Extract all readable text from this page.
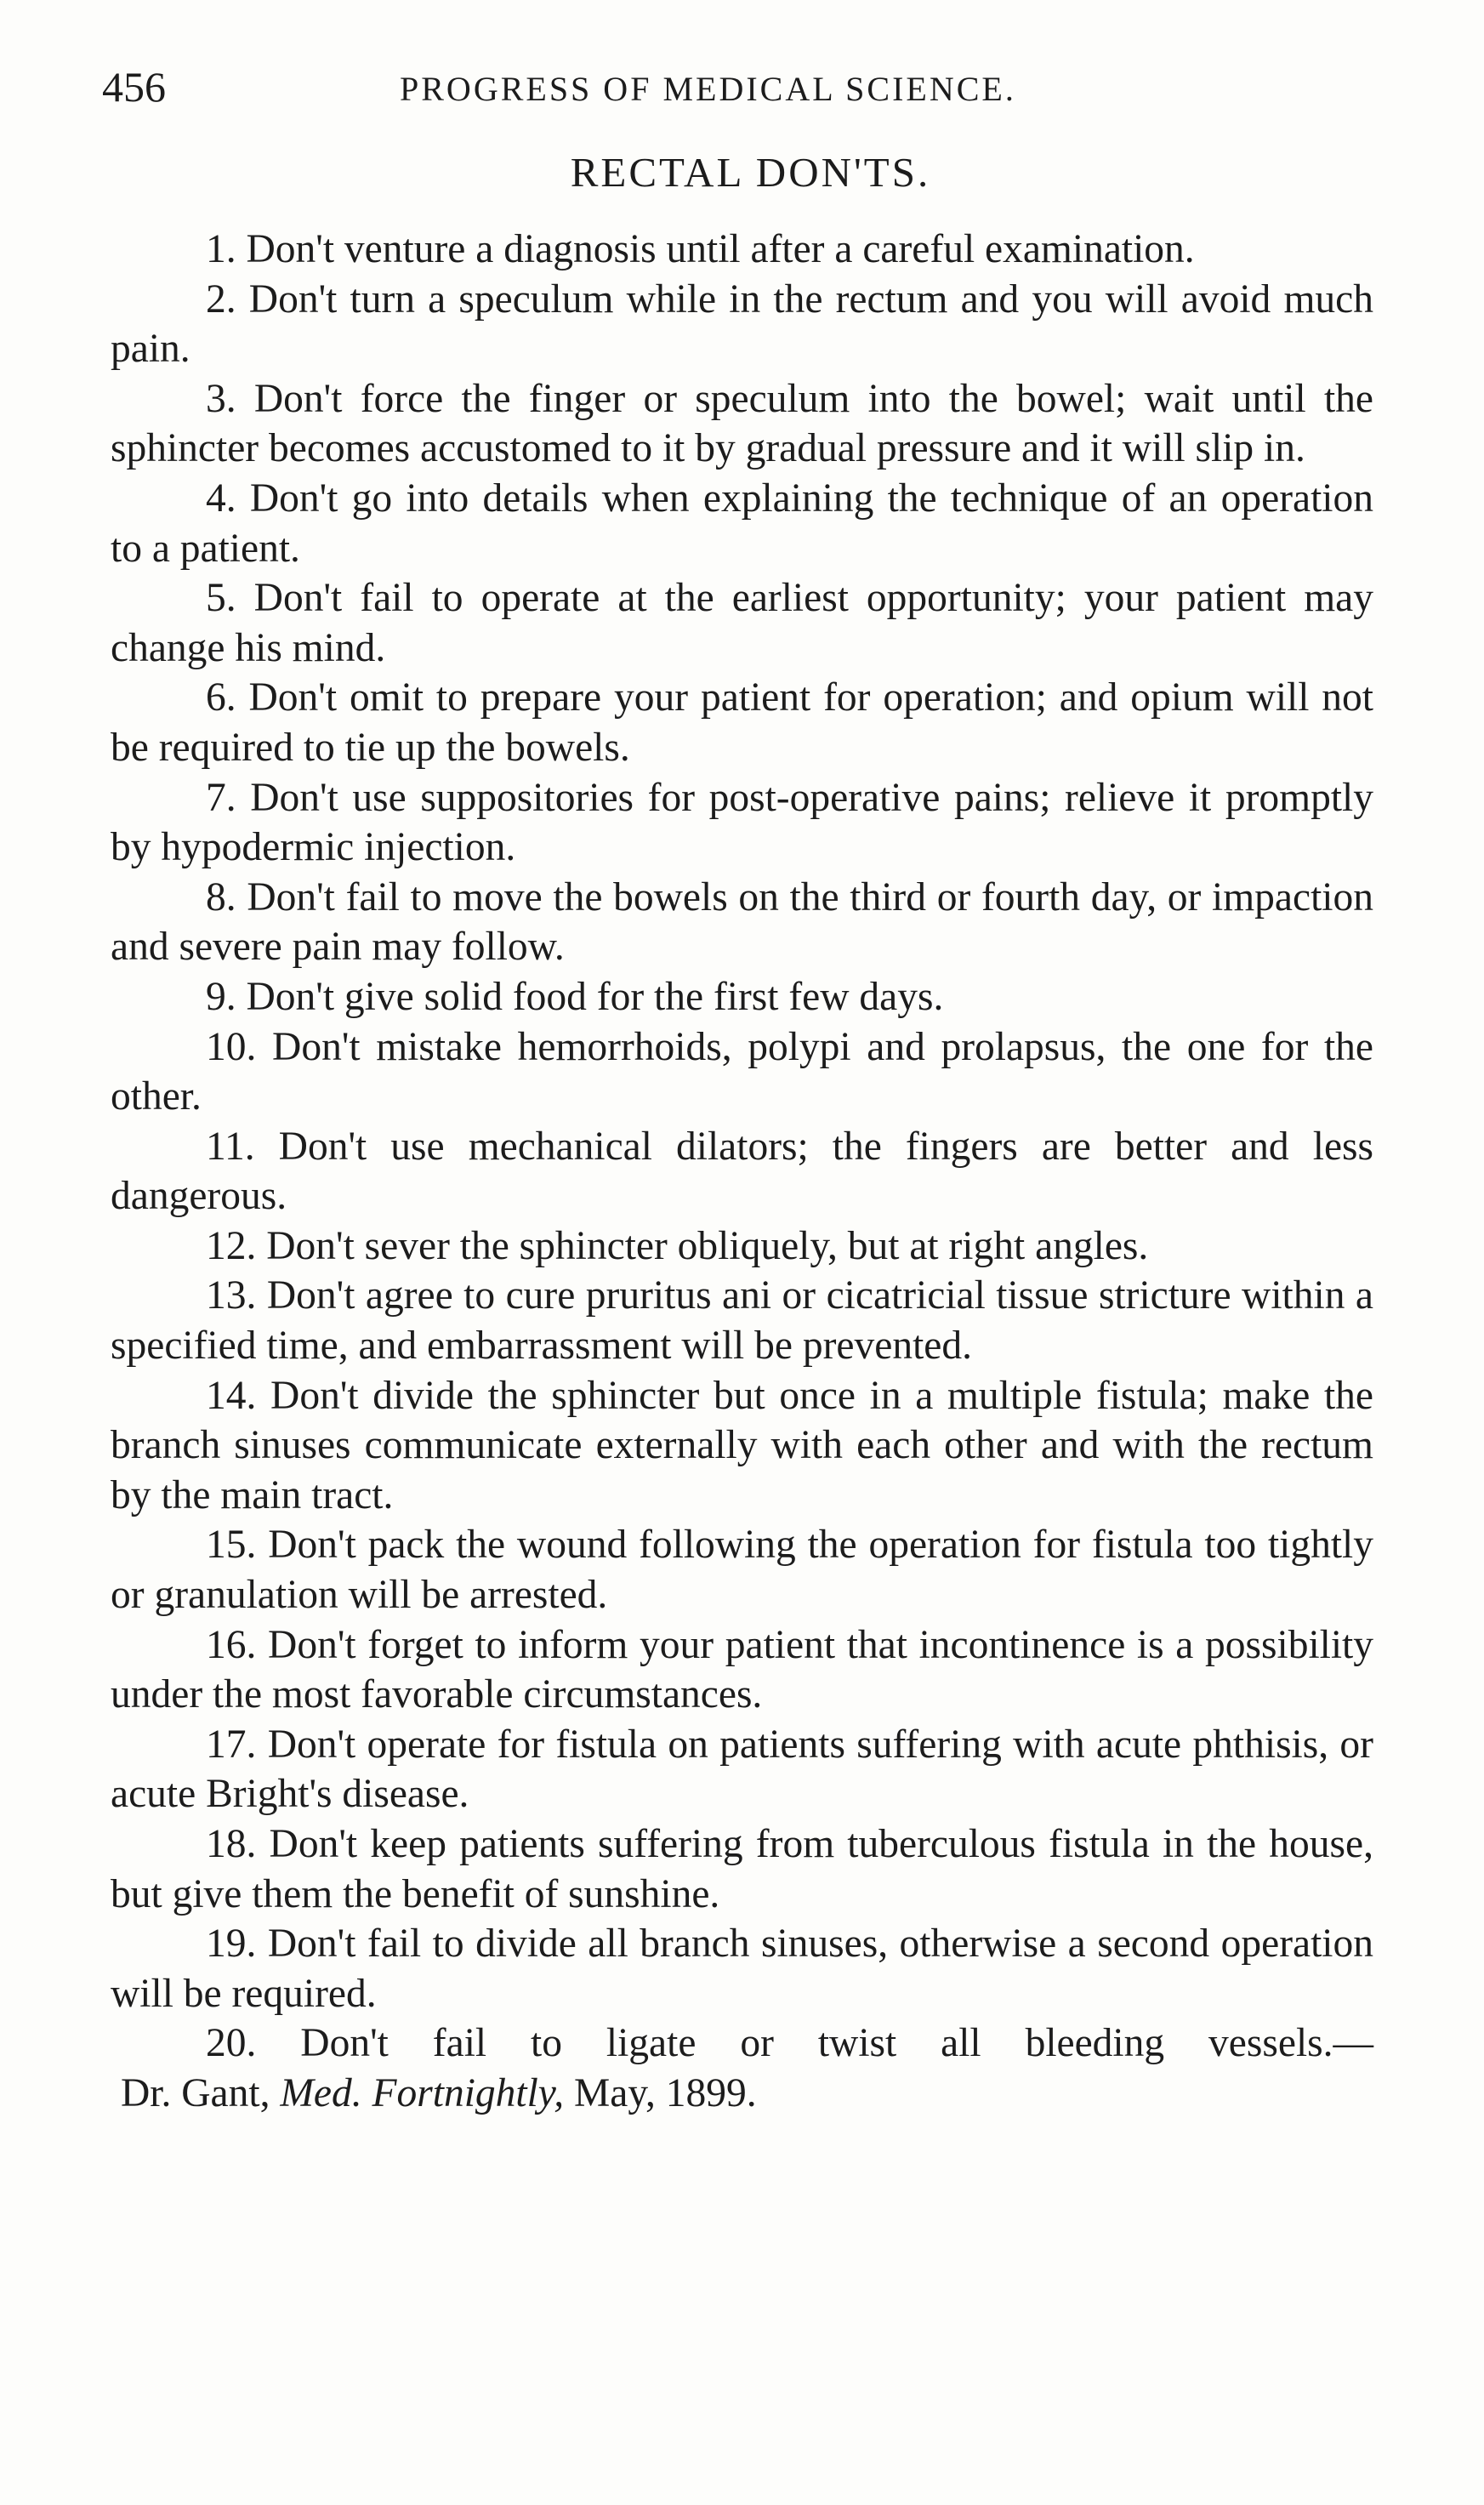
456	PROGRESS OF MEDICAL SCIENCE.
RECTAL DON'TS.

1. Don't venture a diagnosis until after a careful examination.

2. Don't turn a speculum while in the rectum and you will avoid much pain.

3. Don't force the finger or speculum into the bowel; wait until the sphincter becomes accustomed to it by gradual pressure and it will slip in.

4. Don't go into details when explaining the technique of an operation to a patient.

5. Don't fail to operate at the earliest opportunity; your patient may change his mind.

6. Don't omit to prepare your patient for operation; and opium will not be required to tie up the bowels.

7. Don't use suppositories for post-operative pains; relieve it promptly by hypodermic injection.

8. Don't fail to move the bowels on the third or fourth day, or impaction and severe pain may follow.

9. Don't give solid food for the first few days.

10. Don't mistake hemorrhoids, polypi and prolapsus, the one for the other.

11. Don't use mechanical dilators; the fingers are better and less dangerous.

12. Don't sever the sphincter obliquely, but at right angles.

13. Don't agree to cure pruritus ani or cicatricial tissue stricture within a specified time, and embarrassment will be prevented.

14. Don't divide the sphincter but once in a multiple fistula; make the branch sinuses communicate externally with each other and with the rectum by the main tract.

15. Don't pack the wound following the operation for fistula too tightly or granulation will be arrested.

16. Don't forget to inform your patient that incontinence is a possibility under the most favorable circumstances.

17. Don't operate for fistula on patients suffering with acute phthisis, or acute Bright's disease.

18. Don't keep patients suffering from tuberculous fistula in the house, but give them the benefit of sunshine.

19. Don't fail to divide all branch sinuses, otherwise a second operation will be required.

20. Don't fail to ligate or twist all bleeding vessels.—

Dr. Gant, Med. Fortnightly, May, 1899.
